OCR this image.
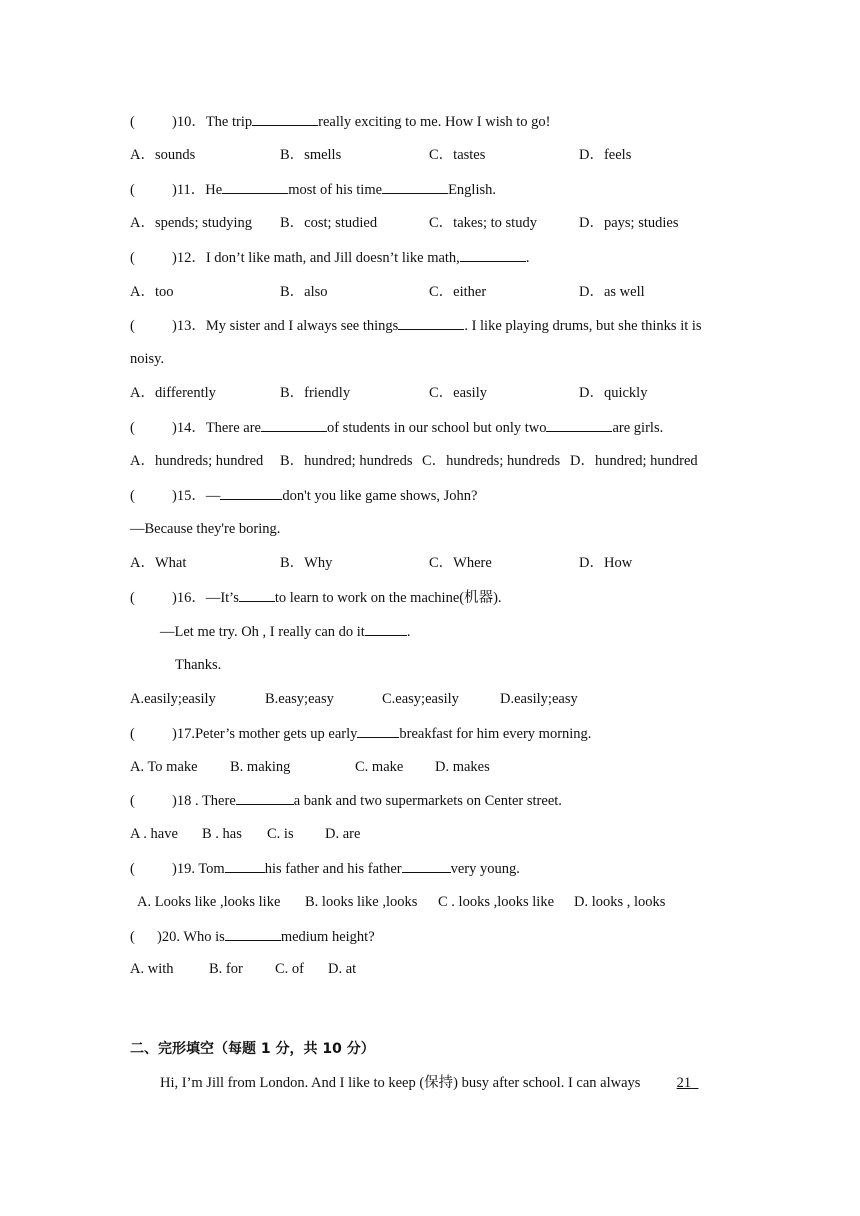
(	)10．The trip	really exciting to me. How I wish to go!
A．sounds	B．smells	C．tastes	D．feels
(	)11．He	most of his time	English.
A．spends; studying B．cost; studied	C．takes; to study	D．pays; studies
(	)12．I don’t like math, and Jill doesn’t like math,	.
A．too	B．also	C．either	D．as well
(	)13．My sister and I always see things	. I like playing drums, but she thinks it is
noisy.
A．differently	B．friendly	C．easily	D．quickly
(	)14．There are	of students in our school but only two	are girls.
A．hundreds; hundred B．hundred; hundreds C．hundreds; hundreds D．hundred; hundred
(	)15．—	don't you like game shows, John?
—Because they're boring.
A．What	B．Why	C．Where	D．How
(	)16．—It’s to learn to work on the machine(机器).
—Let me try. Oh , I really can do it	.
Thanks.
A.easily;easily	B.easy;easy	C.easy;easily	D.easily;easy
(	)17.Peter’s mother gets up early	breakfast for him every morning.
A. To make B. making	C. make D. makes
(	)18 . There	a bank and two supermarkets on Center street.
A . have B . has C. is D. are
(	)19. Tom	his father and his father	very young.
A. Looks like ,looks like B. looks like ,looks C . looks ,looks like D. looks , looks
( )20. Who is	medium height?
A. with B. for C. of D. at
二、完形填空（每题 1 分，共 10 分）
Hi, I’m Jill from London. And I like to keep (保持) busy after school. I can always	21
